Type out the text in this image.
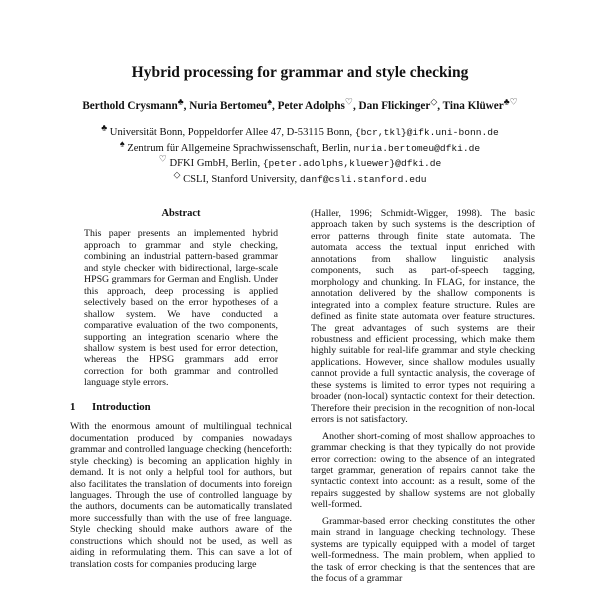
Hybrid processing for grammar and style checking
Berthold Crysmann♣, Nuria Bertomeu♠, Peter Adolphs♡, Dan Flickinger◇, Tina Klüwer♣♡
♣ Universität Bonn, Poppeldorfer Allee 47, D-53115 Bonn, {bcr,tkl}@ifk.uni-bonn.de
♠ Zentrum für Allgemeine Sprachwissenschaft, Berlin, nuria.bertomeu@dfki.de
♡ DFKI GmbH, Berlin, {peter.adolphs,kluewer}@dfki.de
◇ CSLI, Stanford University, danf@csli.stanford.edu
Abstract
This paper presents an implemented hybrid approach to grammar and style checking, combining an industrial pattern-based grammar and style checker with bidirectional, large-scale HPSG grammars for German and English. Under this approach, deep processing is applied selectively based on the error hypotheses of a shallow system. We have conducted a comparative evaluation of the two components, supporting an integration scenario where the shallow system is best used for error detection, whereas the HPSG grammars add error correction for both grammar and controlled language style errors.
1 Introduction

With the enormous amount of multilingual technical documentation produced by companies nowadays grammar and controlled language checking (henceforth: style checking) is becoming an application highly in demand. It is not only a helpful tool for authors, but also facilitates the translation of documents into foreign languages. Through the use of controlled language by the authors, documents can be automatically translated more successfully than with the use of free language. Style checking should make authors aware of the constructions which should not be used, as well as aiding in reformulating them. This can save a lot of translation costs for companies producing large

(Haller, 1996; Schmidt-Wigger, 1998). The basic approach taken by such systems is the description of error patterns through finite state automata. The automata access the textual input enriched with annotations from shallow linguistic analysis components, such as part-of-speech tagging, morphology and chunking. In FLAG, for instance, the annotation delivered by the shallow components is integrated into a complex feature structure. Rules are defined as finite state automata over feature structures. The great advantages of such systems are their robustness and efficient processing, which make them highly suitable for real-life grammar and style checking applications. However, since shallow modules usually cannot provide a full syntactic analysis, the coverage of these systems is limited to error types not requiring a broader (non-local) syntactic context for their detection. Therefore their precision in the recognition of non-local errors is not satisfactory.

Another short-coming of most shallow approaches to grammar checking is that they typically do not provide error correction: owing to the absence of an integrated target grammar, generation of repairs cannot take the syntactic context into account: as a result, some of the repairs suggested by shallow systems are not globally well-formed.

Grammar-based error checking constitutes the other main strand in language checking technology. These systems are typically equipped with a model of target well-formedness. The main problem, when applied to the task of error checking is that the sentences that are the focus of a grammar
